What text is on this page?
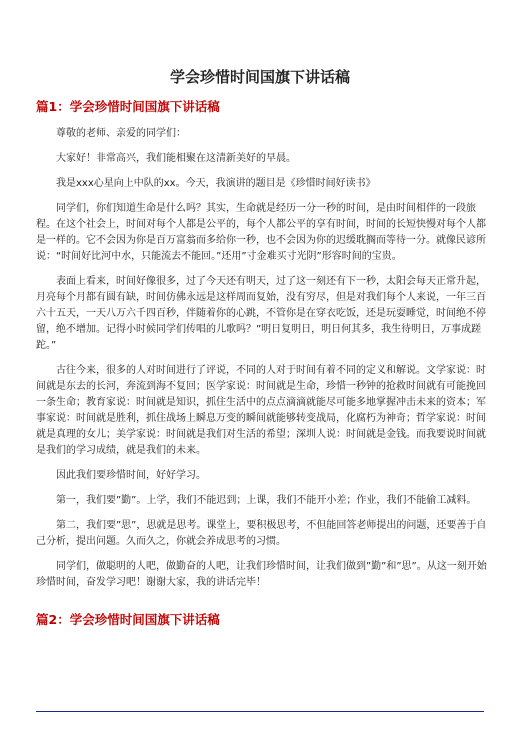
学会珍惜时间国旗下讲话稿
篇1：学会珍惜时间国旗下讲话稿

尊敬的老师、亲爱的同学们：

大家好！非常高兴，我们能相聚在这清新美好的早晨。

我是xxx心星向上中队的xx。今天，我演讲的题目是《珍惜时间好读书》

同学们，你们知道生命是什么吗？其实，生命就是经历一分一秒的时间，是由时间相伴的一段旅程。在这个社会上，时间对每个人都是公平的，每个人都公平的享有时间，时间的长短快慢对每个人都是一样的。它不会因为你是百万富翁而多给你一秒，也不会因为你的迟缓耽搁而等待一分。就像民谚所说：“时间好比河中水，只能流去不能回。”还用”寸金难买寸光阴”形容时间的宝贵。

表面上看来，时间好像很多，过了今天还有明天，过了这一刻还有下一秒，太阳会每天正常升起，月亮每个月都有圆有缺，时间仿佛永远是这样周而复始，没有穷尽，但是对我们每个人来说，一年三百六十五天，一天八万六千四百秒，伴随着你的心跳，不管你是在穿衣吃饭，还是玩耍睡觉，时间绝不停留，绝不增加。记得小时候同学们传唱的儿歌吗？”明日复明日，明日何其多，我生待明日，万事成蹉跎。”

古往今来，很多的人对时间进行了评说，不同的人对于时间有着不同的定义和解说。文学家说：时间就是东去的长河，奔流到海不复回；医学家说：时间就是生命，珍惜一秒钟的抢救时间就有可能挽回一条生命；教育家说：时间就是知识，抓住生活中的点点滴滴就能尽可能多地掌握冲击未来的资本；军事家说：时间就是胜利，抓住战场上瞬息万变的瞬间就能够转变战局，化腐朽为神奇；哲学家说：时间就是真理的女儿；美学家说：时间就是我们对生活的希望；深圳人说：时间就是金钱。而我要说时间就是我们的学习成绩，就是我们的未来。

因此我们要珍惜时间，好好学习。

第一，我们要”勤”。上学，我们不能迟到；上课，我们不能开小差；作业，我们不能偷工减料。

第二，我们要”思”，思就是思考。课堂上，要积极思考，不但能回答老师提出的问题，还要善于自己分析，提出问题。久而久之，你就会养成思考的习惯。

同学们，做聪明的人吧，做勤奋的人吧，让我们珍惜时间，让我们做到”勤”和”思”。从这一刻开始珍惜时间，奋发学习吧！谢谢大家，我的讲话完毕！

篇2：学会珍惜时间国旗下讲话稿
